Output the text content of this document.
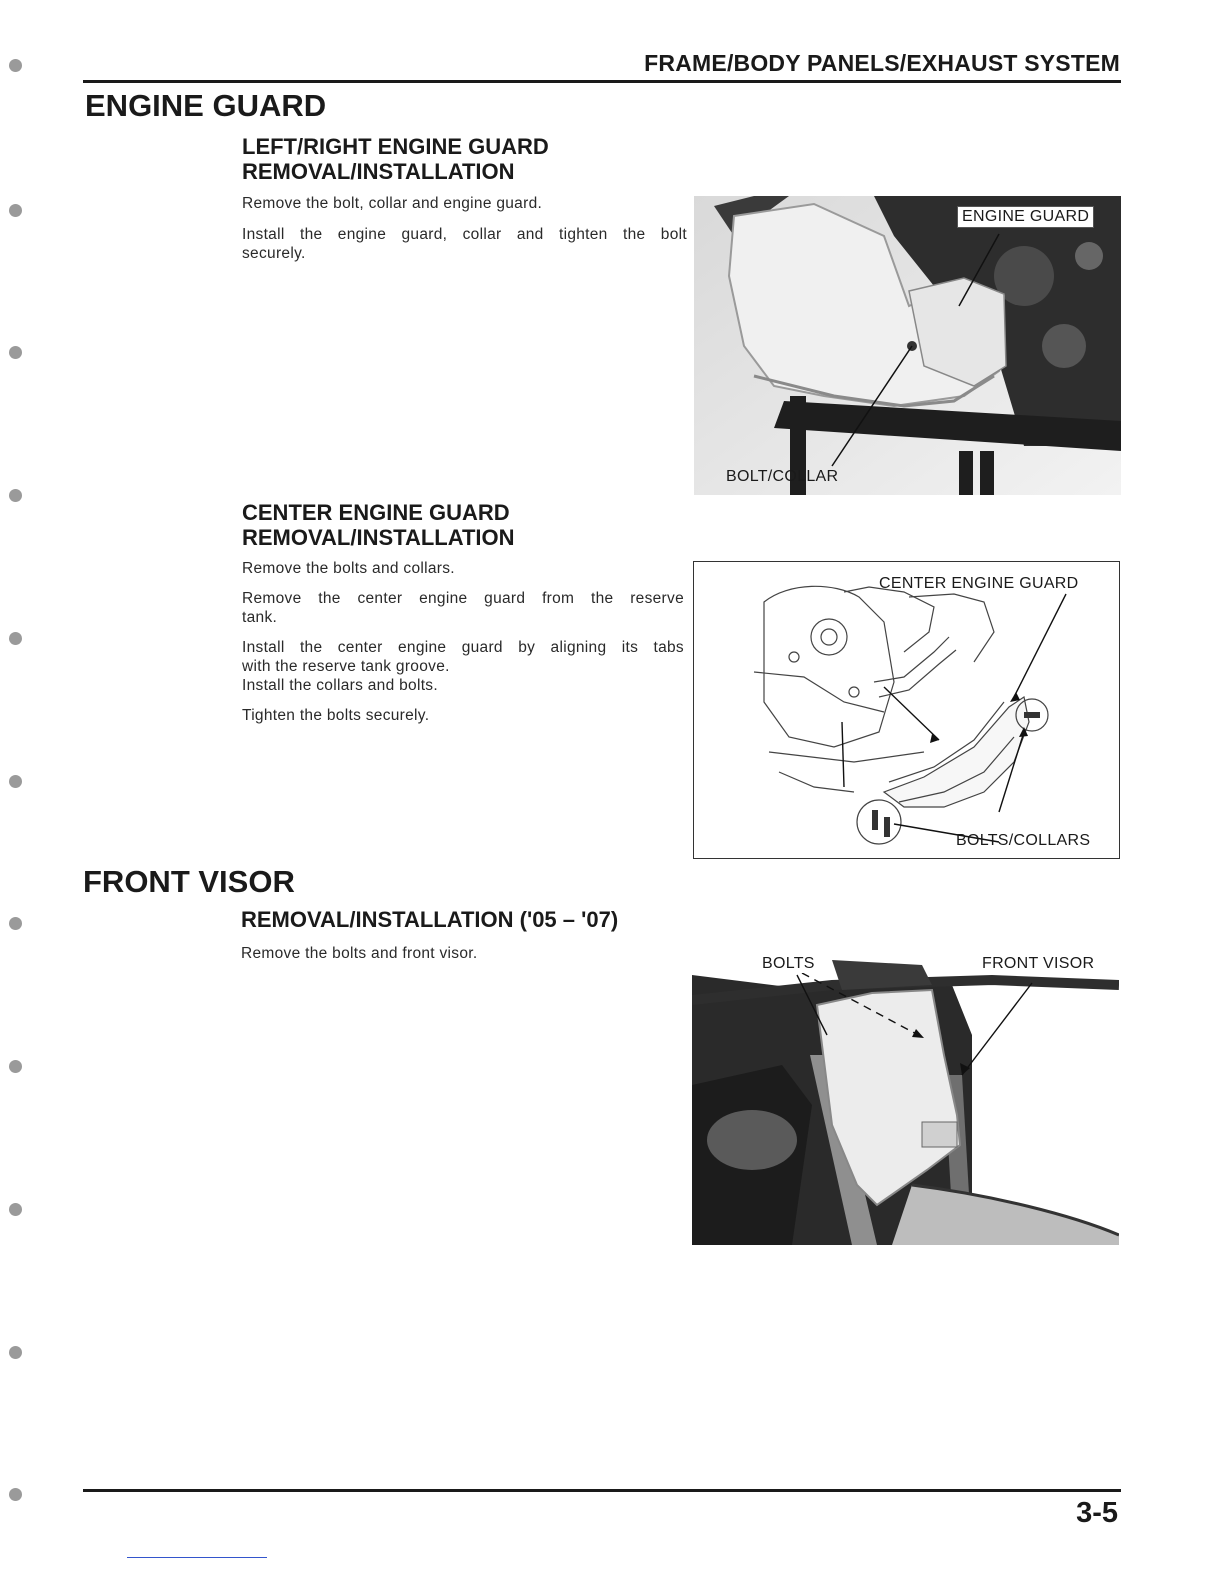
FRAME/BODY PANELS/EXHAUST SYSTEM
ENGINE GUARD
LEFT/RIGHT ENGINE GUARD
REMOVAL/INSTALLATION
Remove the bolt, collar and engine guard.
Install the engine guard, collar and tighten the bolt
securely.
ENGINE GUARD
BOLT/COLLAR
CENTER ENGINE GUARD
REMOVAL/INSTALLATION
Remove the bolts and collars.
Remove the center engine guard from the reserve
tank.
Install the center engine guard by aligning its tabs
with the reserve tank groove.
Install the collars and bolts.
Tighten the bolts securely.
CENTER ENGINE GUARD
BOLTS/COLLARS
FRONT VISOR
REMOVAL/INSTALLATION ('05 – '07)
Remove the bolts and front visor.
BOLTS	FRONT VISOR
3-5
